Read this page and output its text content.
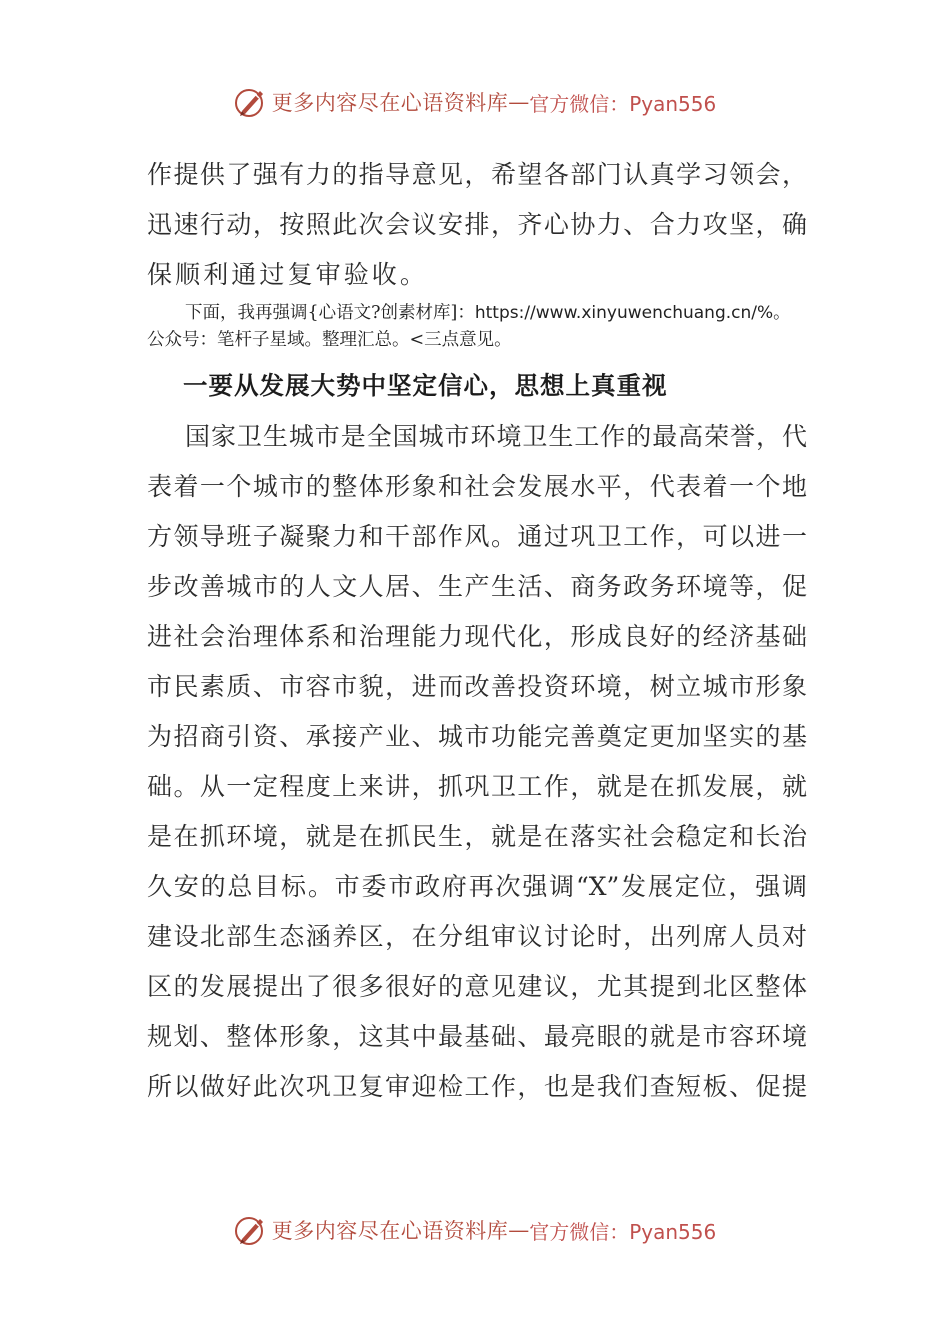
更多内容尽在心语资料库 — 官方微信：Pyan556
作提供了强有力的指导意见，希望各部门认真学习领会，
迅速行动，按照此次会议安排，齐心协力、合力攻坚，确
保顺利通过复审验收。
下面，我再强调{心语文?创素材库]：https://www.xinyuwenchuang.cn/%。
公众号：笔杆子星域。整理汇总。<三点意见。
一要从发展大势中坚定信心，思想上真重视
国家卫生城市是全国城市环境卫生工作的最高荣誉，代
表着一个城市的整体形象和社会发展水平，代表着一个地
方领导班子凝聚力和干部作风。通过巩卫工作，可以进一
步改善城市的人文人居、生产生活、商务政务环境等，促
进社会治理体系和治理能力现代化，形成良好的经济基础
市民素质、市容市貌，进而改善投资环境，树立城市形象
为招商引资、承接产业、城市功能完善奠定更加坚实的基
础。从一定程度上来讲，抓巩卫工作，就是在抓发展，就
是在抓环境，就是在抓民生，就是在落实社会稳定和长治
久安的总目标。市委市政府再次强调“X”发展定位，强调
建设北部生态涵养区，在分组审议讨论时，出列席人员对
区的发展提出了很多很好的意见建议，尤其提到北区整体
规划、整体形象，这其中最基础、最亮眼的就是市容环境
所以做好此次巩卫复审迎检工作，也是我们查短板、促提
更多内容尽在心语资料库 — 官方微信：Pyan556
